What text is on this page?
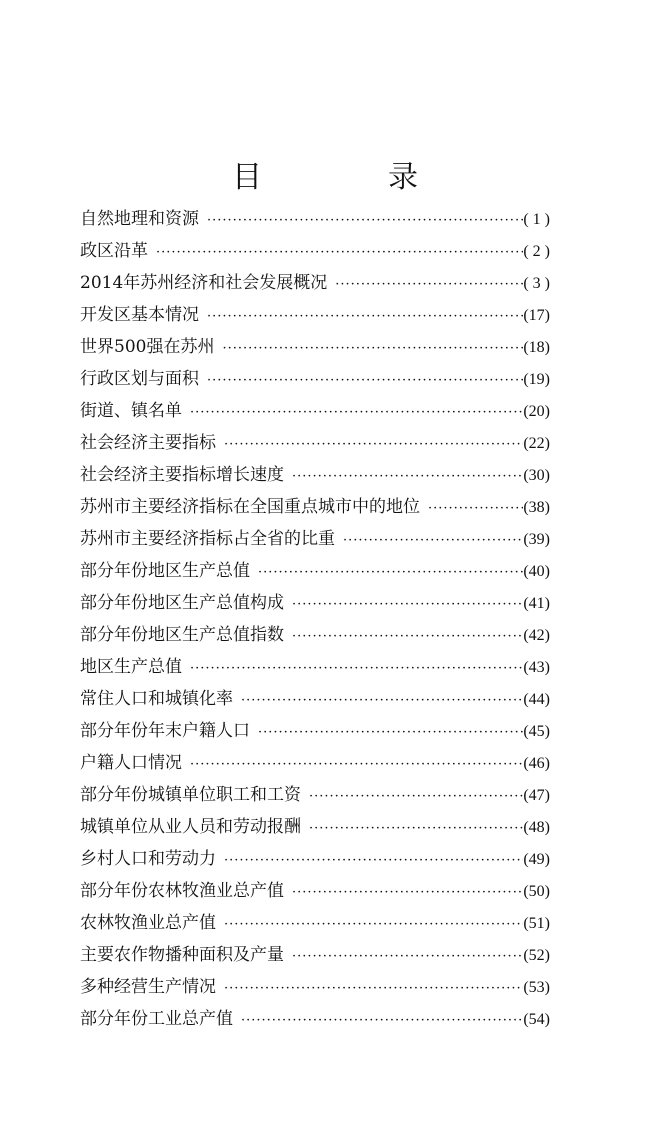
目　录
自然地理和资源 ·····	( 1 )
政区沿革 ·····	( 2 )
2014年苏州经济和社会发展概况 ·····	( 3 )
开发区基本情况 ·····	(17)
世界500强在苏州 ·····	(18)
行政区划与面积 ·····	(19)
街道、镇名单 ·····	(20)
社会经济主要指标 ·····	(22)
社会经济主要指标增长速度 ·····	(30)
苏州市主要经济指标在全国重点城市中的地位 ·····	(38)
苏州市主要经济指标占全省的比重 ·····	(39)
部分年份地区生产总值 ·····	(40)
部分年份地区生产总值构成 ·····	(41)
部分年份地区生产总值指数 ·····	(42)
地区生产总值 ·····	(43)
常住人口和城镇化率 ·····	(44)
部分年份年末户籍人口 ·····	(45)
户籍人口情况 ·····	(46)
部分年份城镇单位职工和工资 ·····	(47)
城镇单位从业人员和劳动报酬 ·····	(48)
乡村人口和劳动力 ·····	(49)
部分年份农林牧渔业总产值 ·····	(50)
农林牧渔业总产值 ·····	(51)
主要农作物播种面积及产量 ·····	(52)
多种经营生产情况 ·····	(53)
部分年份工业总产值 ·····	(54)
